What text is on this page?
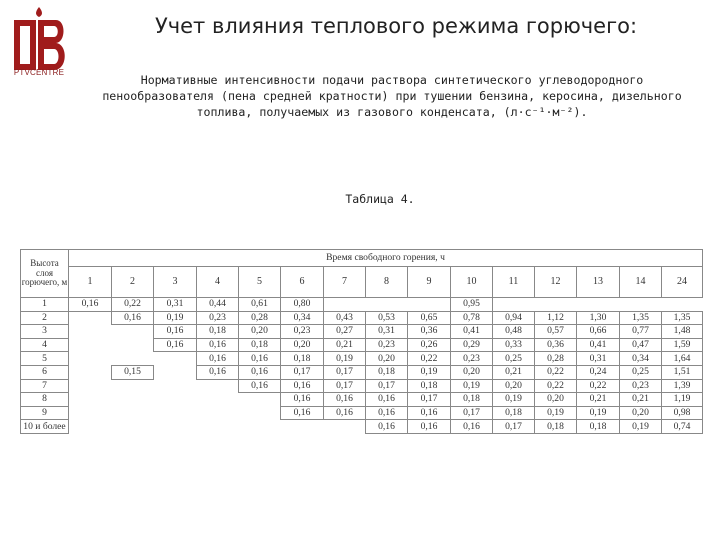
PTVCENTRE
Учет влияния теплового режима горючего:
Нормативные интенсивности подачи раствора синтетического углеводородного пенообразователя (пена средней кратности) при тушении бензина, керосина, дизельного топлива, получаемых из газового конденсата, (л·с⁻¹·м⁻²).
Таблица 4.
Высота слоя горючего, м	Время свободного горения, ч														
	1	2	3	4	5	6	7	8	9	10	11	12	13	14	24
1	0,16	0,22	0,31	0,44	0,61	0,80				0,95					
2		0,16	0,19	0,23	0,28	0,34	0,43	0,53	0,65	0,78	0,94	1,12	1,30	1,35	1,35
3			0,16	0,18	0,20	0,23	0,27	0,31	0,36	0,41	0,48	0,57	0,66	0,77	1,48
4			0,16	0,16	0,18	0,20	0,21	0,23	0,26	0,29	0,33	0,36	0,41	0,47	1,59
5				0,16	0,16	0,18	0,19	0,20	0,22	0,23	0,25	0,28	0,31	0,34	1,64
6		0,15		0,16	0,16	0,17	0,17	0,18	0,19	0,20	0,21	0,22	0,24	0,25	1,51
7					0,16	0,16	0,17	0,17	0,18	0,19	0,20	0,22	0,22	0,23	1,39
8						0,16	0,16	0,16	0,17	0,18	0,19	0,20	0,21	0,21	1,19
9						0,16	0,16	0,16	0,16	0,17	0,18	0,19	0,19	0,20	0,98
10 и более								0,16	0,16	0,16	0,17	0,18	0,18	0,19	0,74
